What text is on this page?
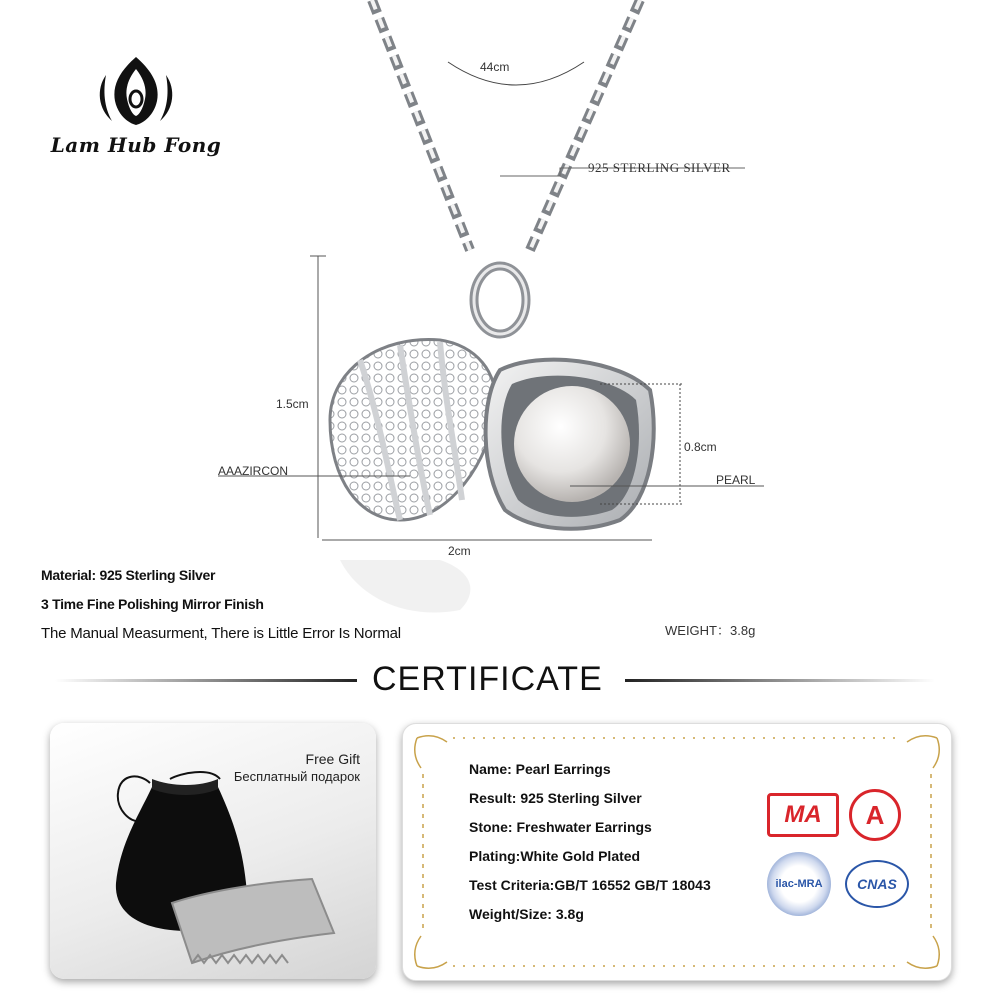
Lam Hub Fong
44cm
925 STERLING SILVER
1.5cm
0.8cm
AAAZIRCON
PEARL
2cm
Material: 925 Sterling Silver
3 Time Fine Polishing Mirror Finish
The Manual Measurment, There is Little Error Is Normal	WEIGHT：3.8g
CERTIFICATE
Free Gift
Бесплатный подарок	Name: Pearl Earrings
Result: 925 Sterling Silver
Stone: Freshwater Earrings
Plating:White Gold Plated
Test Criteria:GB/T 16552 GB/T 18043
Weight/Size: 3.8g
MA	A
ilac-MRA	CNAS
